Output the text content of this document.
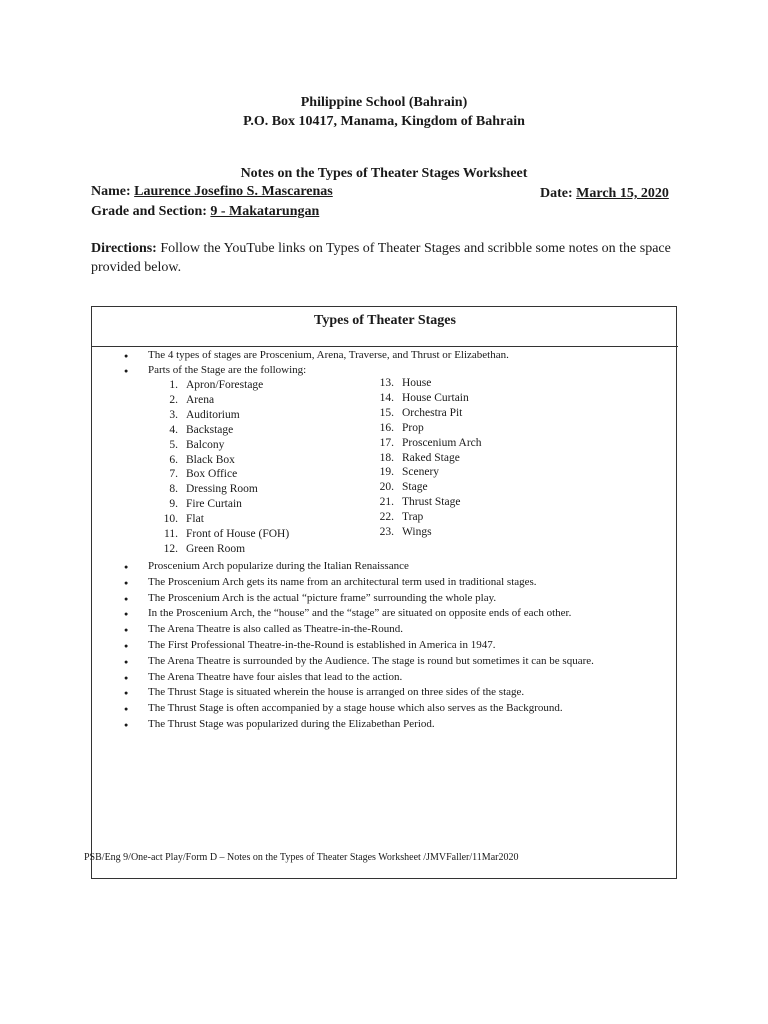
Philippine School (Bahrain)
P.O. Box 10417, Manama, Kingdom of Bahrain
Notes on the Types of Theater Stages Worksheet
Name: Laurence Josefino S. Mascarenas	Date: March 15, 2020
Grade and Section: 9 - Makatarungan
Directions: Follow the YouTube links on Types of Theater Stages and scribble some notes on the space provided below.
Types of Theater Stages
● The 4 types of stages are Proscenium, Arena, Traverse, and Thrust or Elizabethan.
● Parts of the Stage are the following:
1. Apron/Forestage
2. Arena
3. Auditorium
4. Backstage
5. Balcony
6. Black Box
7. Box Office
8. Dressing Room
9. Fire Curtain
10. Flat
11. Front of House (FOH)
12. Green Room
13. House
14. House Curtain
15. Orchestra Pit
16. Prop
17. Proscenium Arch
18. Raked Stage
19. Scenery
20. Stage
21. Thrust Stage
22. Trap
23. Wings
● Proscenium Arch popularize during the Italian Renaissance
● The Proscenium Arch gets its name from an architectural term used in traditional stages.
● The Proscenium Arch is the actual “picture frame” surrounding the whole play.
● In the Proscenium Arch, the “house” and the “stage” are situated on opposite ends of each other.
● The Arena Theatre is also called as Theatre-in-the-Round.
● The First Professional Theatre-in-the-Round is established in America in 1947.
● The Arena Theatre is surrounded by the Audience. The stage is round but sometimes it can be square.
● The Arena Theatre have four aisles that lead to the action.
● The Thrust Stage is situated wherein the house is arranged on three sides of the stage.
● The Thrust Stage is often accompanied by a stage house which also serves as the Background.
● The Thrust Stage was popularized during the Elizabethan Period.
PSB/Eng 9/One-act Play/Form D – Notes on the Types of Theater Stages Worksheet /JMVFaller/11Mar2020
